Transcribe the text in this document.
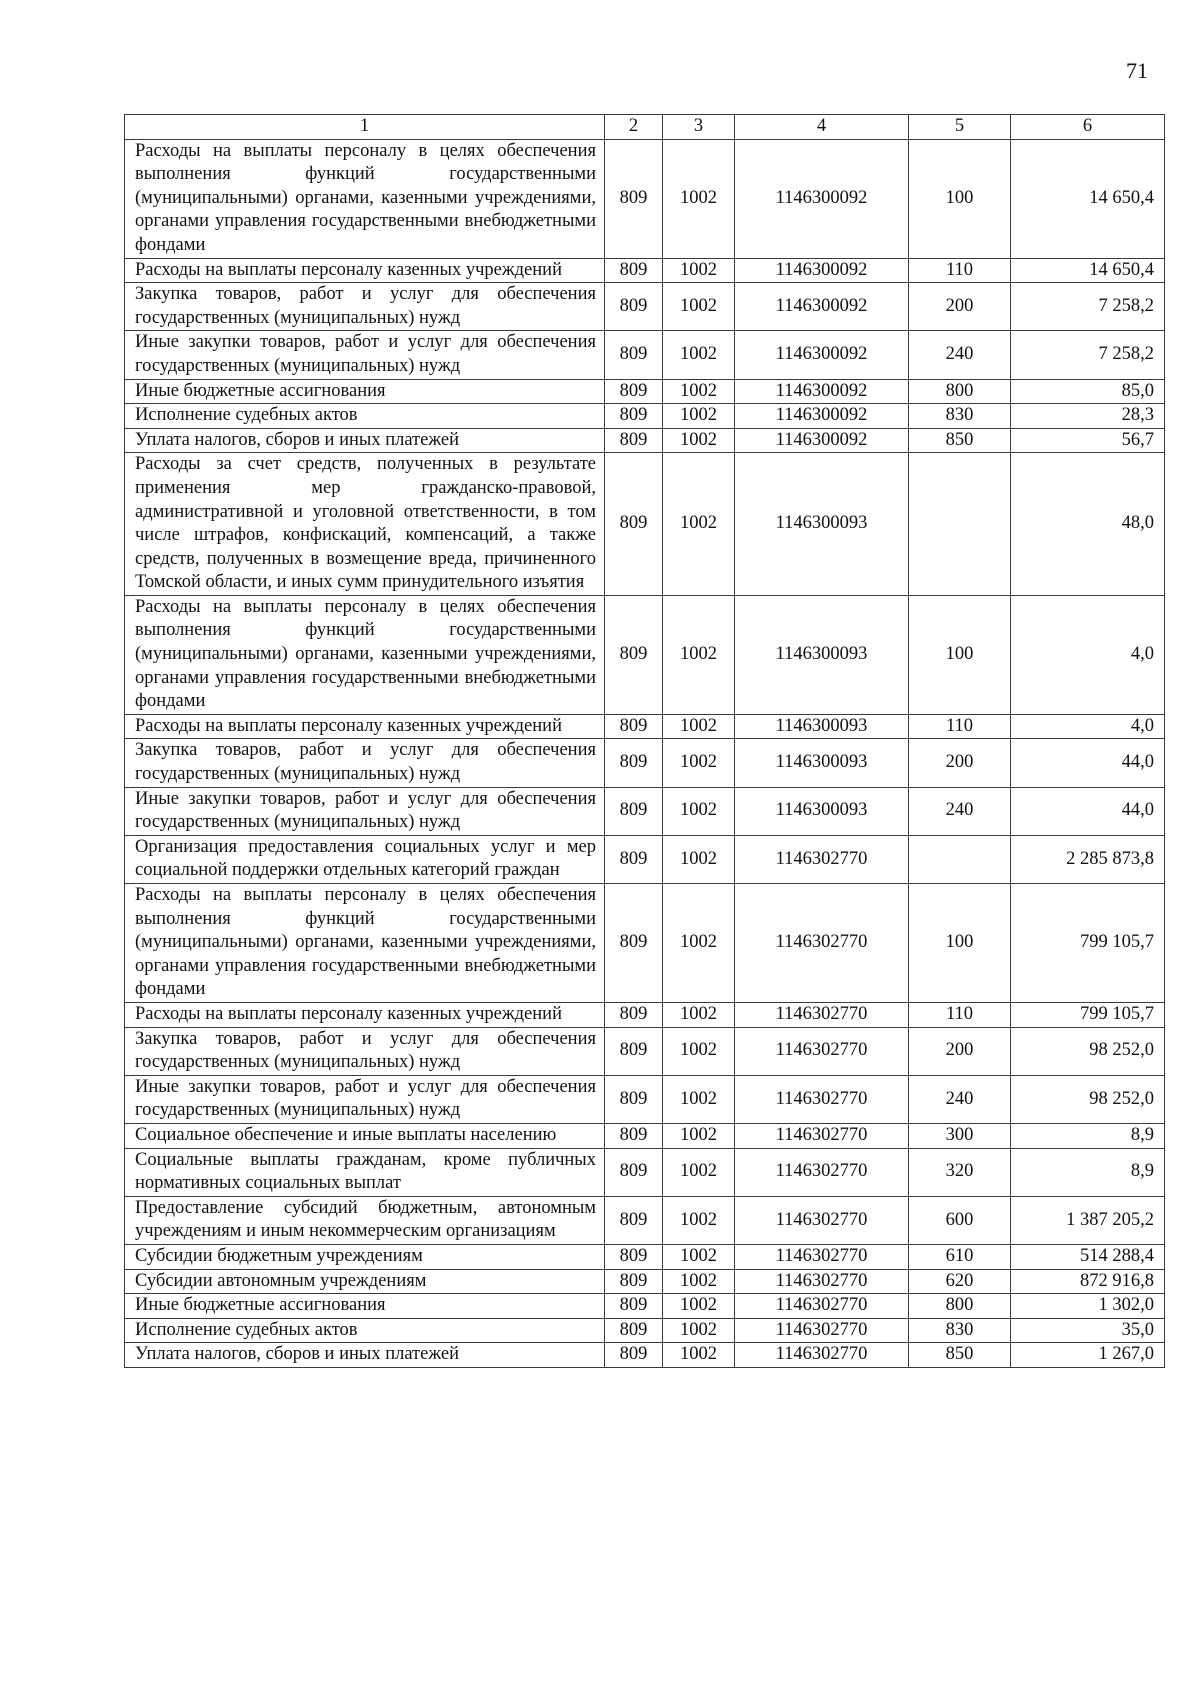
71
1	2	3	4	5	6
Расходы на выплаты персоналу в целях обеспечения выполнения функций государственными (муниципальными) органами, казенными учреждениями, органами управления государственными внебюджетными фондами	809	1002	1146300092	100	14 650,4
Расходы на выплаты персоналу казенных учреждений	809	1002	1146300092	110	14 650,4
Закупка товаров, работ и услуг для обеспечения государственных (муниципальных) нужд	809	1002	1146300092	200	7 258,2
Иные закупки товаров, работ и услуг для обеспечения государственных (муниципальных) нужд	809	1002	1146300092	240	7 258,2
Иные бюджетные ассигнования	809	1002	1146300092	800	85,0
Исполнение судебных актов	809	1002	1146300092	830	28,3
Уплата налогов, сборов и иных платежей	809	1002	1146300092	850	56,7
Расходы за счет средств, полученных в результате применения мер гражданско-правовой, административной и уголовной ответственности, в том числе штрафов, конфискаций, компенсаций, а также средств, полученных в возмещение вреда, причиненного Томской области, и иных сумм принудительного изъятия	809	1002	1146300093		48,0
Расходы на выплаты персоналу в целях обеспечения выполнения функций государственными (муниципальными) органами, казенными учреждениями, органами управления государственными внебюджетными фондами	809	1002	1146300093	100	4,0
Расходы на выплаты персоналу казенных учреждений	809	1002	1146300093	110	4,0
Закупка товаров, работ и услуг для обеспечения государственных (муниципальных) нужд	809	1002	1146300093	200	44,0
Иные закупки товаров, работ и услуг для обеспечения государственных (муниципальных) нужд	809	1002	1146300093	240	44,0
Организация предоставления социальных услуг и мер социальной поддержки отдельных категорий граждан	809	1002	1146302770		2 285 873,8
Расходы на выплаты персоналу в целях обеспечения выполнения функций государственными (муниципальными) органами, казенными учреждениями, органами управления государственными внебюджетными фондами	809	1002	1146302770	100	799 105,7
Расходы на выплаты персоналу казенных учреждений	809	1002	1146302770	110	799 105,7
Закупка товаров, работ и услуг для обеспечения государственных (муниципальных) нужд	809	1002	1146302770	200	98 252,0
Иные закупки товаров, работ и услуг для обеспечения государственных (муниципальных) нужд	809	1002	1146302770	240	98 252,0
Социальное обеспечение и иные выплаты населению	809	1002	1146302770	300	8,9
Социальные выплаты гражданам, кроме публичных нормативных социальных выплат	809	1002	1146302770	320	8,9
Предоставление субсидий бюджетным, автономным учреждениям и иным некоммерческим организациям	809	1002	1146302770	600	1 387 205,2
Субсидии бюджетным учреждениям	809	1002	1146302770	610	514 288,4
Субсидии автономным учреждениям	809	1002	1146302770	620	872 916,8
Иные бюджетные ассигнования	809	1002	1146302770	800	1 302,0
Исполнение судебных актов	809	1002	1146302770	830	35,0
Уплата налогов, сборов и иных платежей	809	1002	1146302770	850	1 267,0
